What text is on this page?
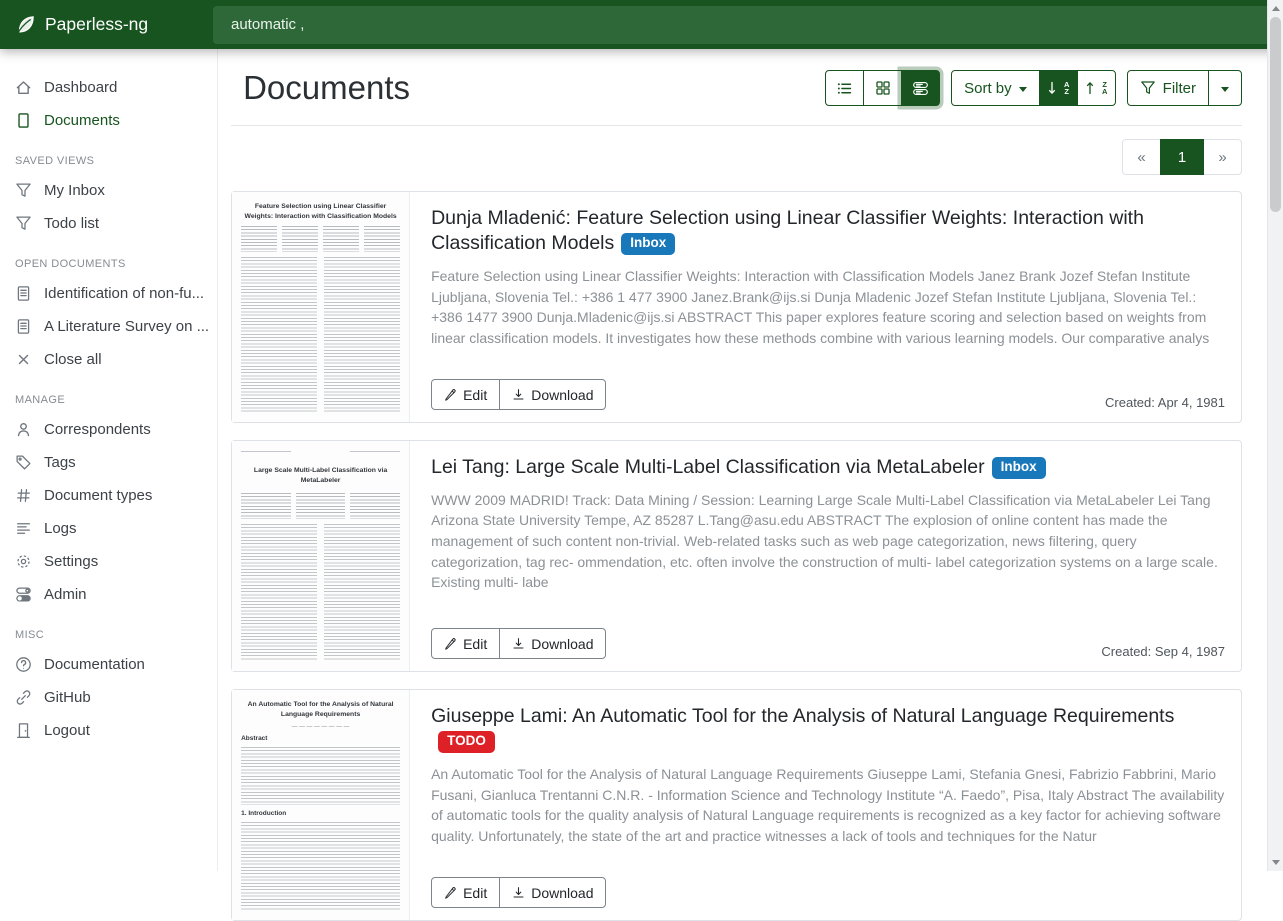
Paperless-ng
automatic ,
Dashboard
Documents
SAVED VIEWS
My Inbox
Todo list
OPEN DOCUMENTS
Identification of non-fu...
A Literature Survey on ...
Close all
MANAGE
Correspondents
Tags
Document types
Logs
Settings
Admin
MISC
Documentation
GitHub
Logout
Documents	Sort by	A
Z
Z
A	Filter
«	1	»
Feature Selection using Linear Classifier Weights: Interaction with Classification Models Dunja Mladenić: Feature Selection using Linear Classifier Weights: Interaction with Classification Models Inbox
Feature Selection using Linear Classifier Weights: Interaction with Classification Models Janez Brank Jozef Stefan Institute Ljubljana, Slovenia Tel.: +386 1 477 3900 Janez.Brank@ijs.si Dunja Mladenic Jozef Stefan Institute Ljubljana, Slovenia Tel.: +386 1477 3900 Dunja.Mladenic@ijs.si ABSTRACT This paper explores feature scoring and selection based on weights from linear classification models. It investigates how these methods combine with various learning models. Our comparative analys
Edit	Download	Created: Apr 4, 1981
Large Scale Multi-Label Classification via MetaLabeler
Lei Tang: Large Scale Multi-Label Classification via MetaLabeler Inbox
WWW 2009 MADRID! Track: Data Mining / Session: Learning Large Scale Multi-Label Classification via MetaLabeler Lei Tang Arizona State University Tempe, AZ 85287 L.Tang@asu.edu ABSTRACT The explosion of online content has made the management of such content non-trivial. Web-related tasks such as web page categorization, news filtering, query categorization, tag rec- ommendation, etc. often involve the construction of multi- label categorization systems on a large scale. Existing multi- labe
Edit	Download	Created: Sep 4, 1987
An Automatic Tool for the Analysis of Natural Language Requirements
— — — — — — — —
Abstract
1. Introduction
Giuseppe Lami: An Automatic Tool for the Analysis of Natural Language RequirementsTODO
An Automatic Tool for the Analysis of Natural Language Requirements Giuseppe Lami, Stefania Gnesi, Fabrizio Fabbrini, Mario Fusani, Gianluca Trentanni C.N.R. - Information Science and Technology Institute “A. Faedo”, Pisa, Italy Abstract The availability of automatic tools for the quality analysis of Natural Language requirements is recognized as a key factor for achieving software quality. Unfortunately, the state of the art and practice witnesses a lack of tools and techniques for the Natur
Edit	Download
